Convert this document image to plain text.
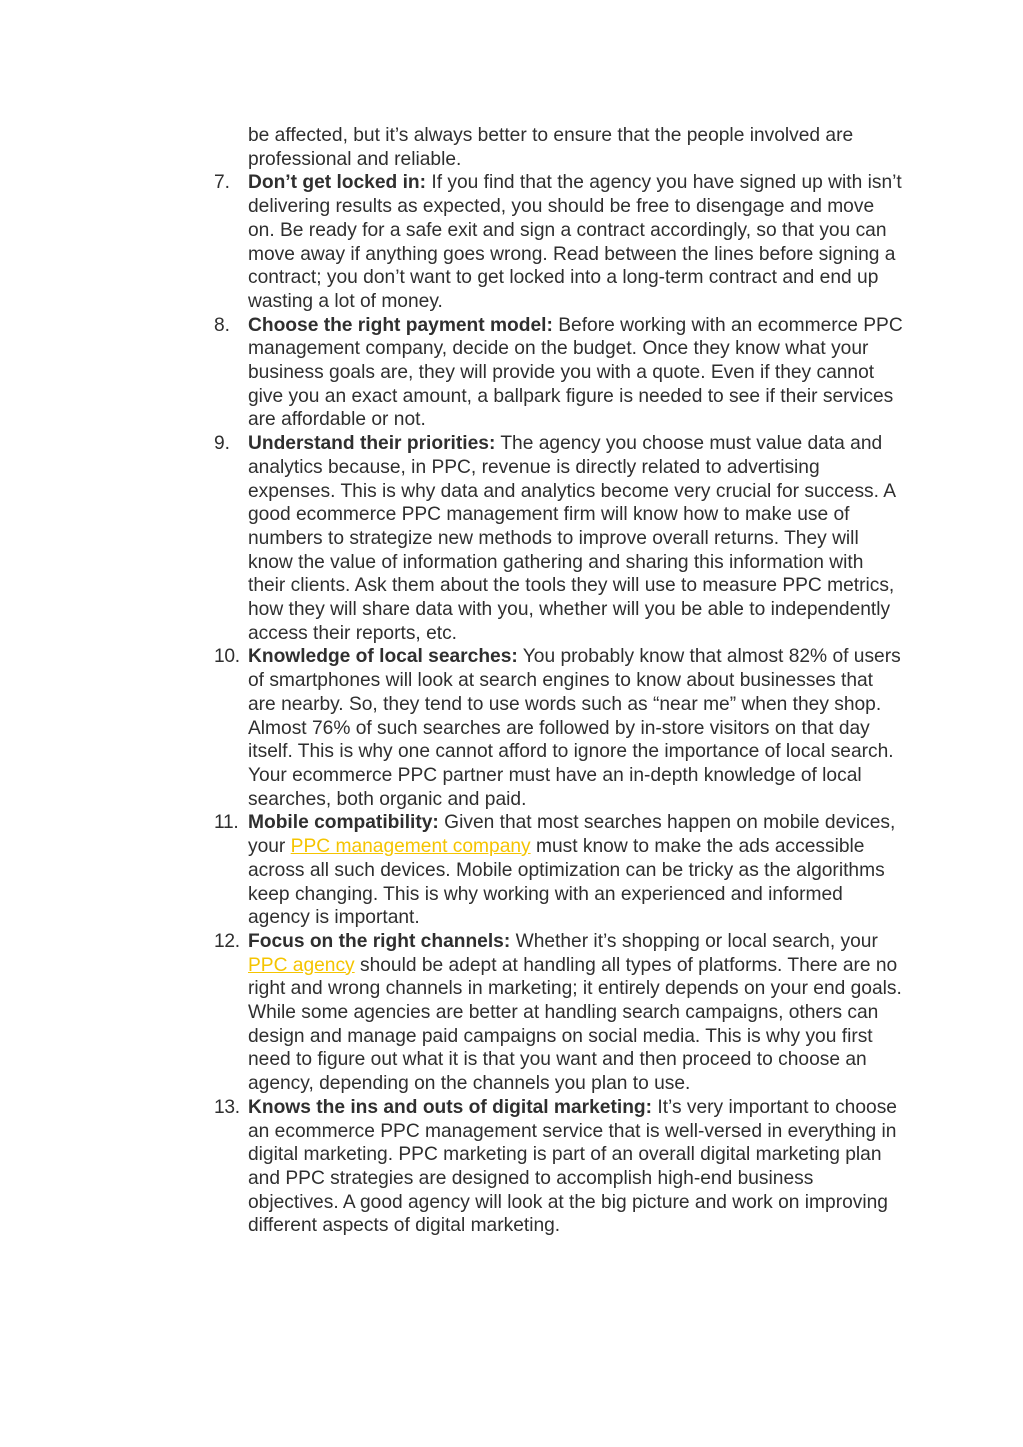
be affected, but it’s always better to ensure that the people involved are professional and reliable.
7. Don’t get locked in: If you find that the agency you have signed up with isn’t delivering results as expected, you should be free to disengage and move on. Be ready for a safe exit and sign a contract accordingly, so that you can move away if anything goes wrong. Read between the lines before signing a contract; you don’t want to get locked into a long-term contract and end up wasting a lot of money.
8. Choose the right payment model: Before working with an ecommerce PPC management company, decide on the budget. Once they know what your business goals are, they will provide you with a quote. Even if they cannot give you an exact amount, a ballpark figure is needed to see if their services are affordable or not.
9. Understand their priorities: The agency you choose must value data and analytics because, in PPC, revenue is directly related to advertising expenses. This is why data and analytics become very crucial for success. A good ecommerce PPC management firm will know how to make use of numbers to strategize new methods to improve overall returns. They will know the value of information gathering and sharing this information with their clients. Ask them about the tools they will use to measure PPC metrics, how they will share data with you, whether will you be able to independently access their reports, etc.
10. Knowledge of local searches: You probably know that almost 82% of users of smartphones will look at search engines to know about businesses that are nearby. So, they tend to use words such as “near me” when they shop. Almost 76% of such searches are followed by in-store visitors on that day itself. This is why one cannot afford to ignore the importance of local search. Your ecommerce PPC partner must have an in-depth knowledge of local searches, both organic and paid.
11. Mobile compatibility: Given that most searches happen on mobile devices, your PPC management company must know to make the ads accessible across all such devices. Mobile optimization can be tricky as the algorithms keep changing. This is why working with an experienced and informed agency is important.
12. Focus on the right channels: Whether it’s shopping or local search, your PPC agency should be adept at handling all types of platforms. There are no right and wrong channels in marketing; it entirely depends on your end goals. While some agencies are better at handling search campaigns, others can design and manage paid campaigns on social media. This is why you first need to figure out what it is that you want and then proceed to choose an agency, depending on the channels you plan to use.
13. Knows the ins and outs of digital marketing: It’s very important to choose an ecommerce PPC management service that is well-versed in everything in digital marketing. PPC marketing is part of an overall digital marketing plan and PPC strategies are designed to accomplish high-end business objectives. A good agency will look at the big picture and work on improving different aspects of digital marketing.
